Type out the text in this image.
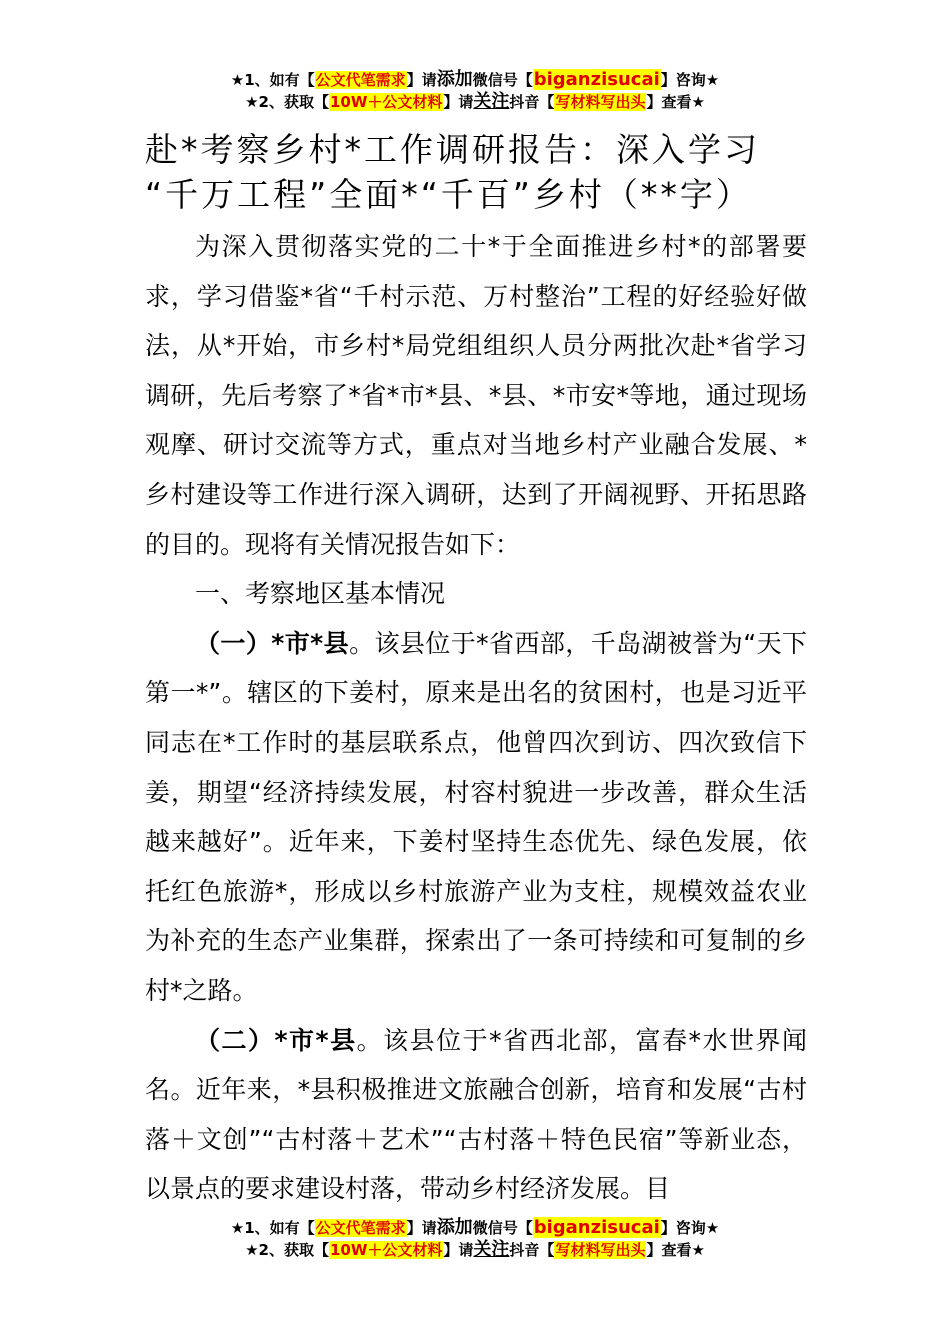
★1、如有【公文代笔需求】请添加微信号【biganzisucai】咨询★
★2、获取【10W＋公文材料】请关注抖音【写材料写出头】查看★
赴*考察乡村*工作调研报告：深入学习
“千万工程”全面*“千百”乡村（**字）

为深入贯彻落实党的二十*于全面推进乡村*的部署要求，学习借鉴*省“千村示范、万村整治”工程的好经验好做法，从*开始，市乡村*局党组组织人员分两批次赴*省学习调研，先后考察了*省*市*县、*县、*市安*等地，通过现场观摩、研讨交流等方式，重点对当地乡村产业融合发展、*乡村建设等工作进行深入调研，达到了开阔视野、开拓思路的目的。现将有关情况报告如下：

一、考察地区基本情况

（一）*市*县。该县位于*省西部，千岛湖被誉为“天下第一*”。辖区的下姜村，原来是出名的贫困村，也是习近平同志在*工作时的基层联系点，他曾四次到访、四次致信下姜，期望“经济持续发展，村容村貌进一步改善，群众生活越来越好”。近年来，下姜村坚持生态优先、绿色发展，依托红色旅游*，形成以乡村旅游产业为支柱，规模效益农业为补充的生态产业集群，探索出了一条可持续和可复制的乡村*之路。

（二）*市*县。该县位于*省西北部，富春*水世界闻名。近年来，*县积极推进文旅融合创新，培育和发展“古村落＋文创”“古村落＋艺术”“古村落＋特色民宿”等新业态，以景点的要求建设村落，带动乡村经济发展。目

★1、如有【公文代笔需求】请添加微信号【biganzisucai】咨询★
★2、获取【10W＋公文材料】请关注抖音【写材料写出头】查看★
